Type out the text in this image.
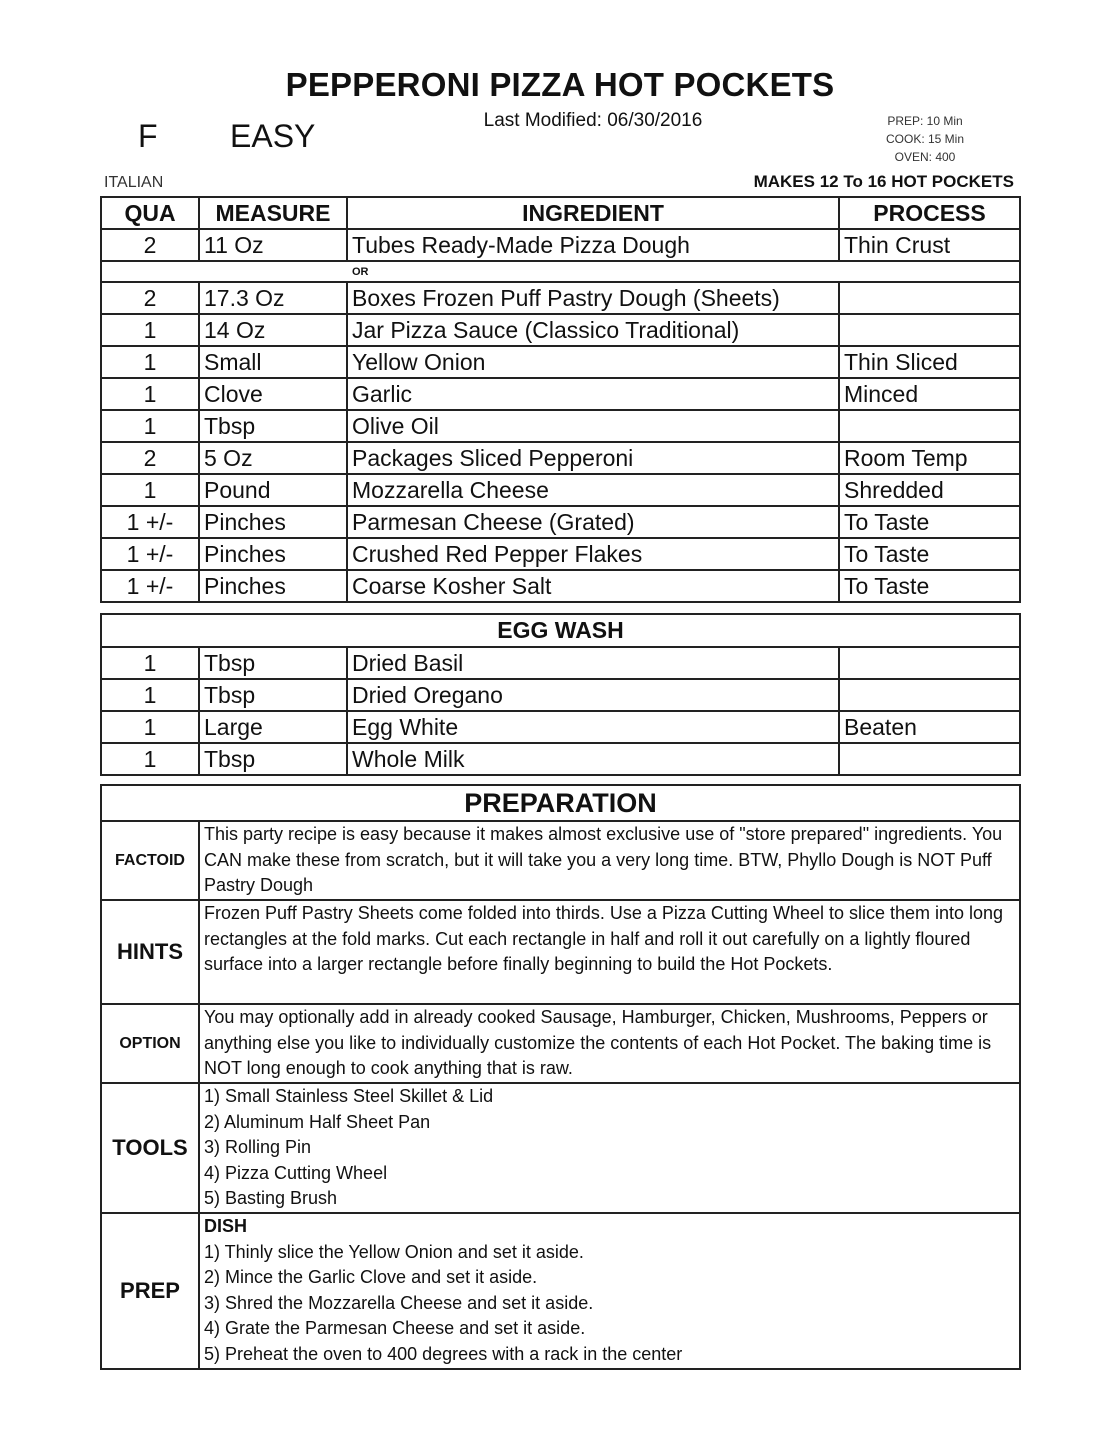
PEPPERONI PIZZA HOT POCKETS
F EASY	Last Modified: 06/30/2016	PREP: 10 Min
COOK: 15 Min
OVEN: 400
ITALIAN	MAKES 12 To 16 HOT POCKETS
QUA	MEASURE	INGREDIENT	PROCESS
2	11 Oz	Tubes Ready-Made Pizza Dough	Thin Crust
OR			
2	17.3 Oz	Boxes Frozen Puff Pastry Dough (Sheets)	
1	14 Oz	Jar Pizza Sauce (Classico Traditional)	
1	Small	Yellow Onion	Thin Sliced
1	Clove	Garlic	Minced
1	Tbsp	Olive Oil	
2	5 Oz	Packages Sliced Pepperoni	Room Temp
1	Pound	Mozzarella Cheese	Shredded
1 +/-	Pinches	Parmesan Cheese (Grated)	To Taste
1 +/-	Pinches	Crushed Red Pepper Flakes	To Taste
1 +/-	Pinches	Coarse Kosher Salt	To Taste
EGG WASH			
1	Tbsp	Dried Basil	
1	Tbsp	Dried Oregano	
1	Large	Egg White	Beaten
1	Tbsp	Whole Milk	
PREPARATION	
FACTOID	This party recipe is easy because it makes almost exclusive use of "store prepared" ingredients. You CAN make these from scratch, but it will take you a very long time. BTW, Phyllo Dough is NOT Puff Pastry Dough
HINTS	Frozen Puff Pastry Sheets come folded into thirds. Use a Pizza Cutting Wheel to slice them into long rectangles at the fold marks. Cut each rectangle in half and roll it out carefully on a lightly floured surface into a larger rectangle before finally beginning to build the Hot Pockets.
OPTION	You may optionally add in already cooked Sausage, Hamburger, Chicken, Mushrooms, Peppers or anything else you like to individually customize the contents of each Hot Pocket. The baking time is NOT long enough to cook anything that is raw.
TOOLS	1) Small Stainless Steel Skillet & Lid
2) Aluminum Half Sheet Pan
3) Rolling Pin
4) Pizza Cutting Wheel
5) Basting Brush

PREP	
DISH
1) Thinly slice the Yellow Onion and set it aside.
2) Mince the Garlic Clove and set it aside.
3) Shred the Mozzarella Cheese and set it aside.
4) Grate the Parmesan Cheese and set it aside.
5) Preheat the oven to 400 degrees with a rack in the center
